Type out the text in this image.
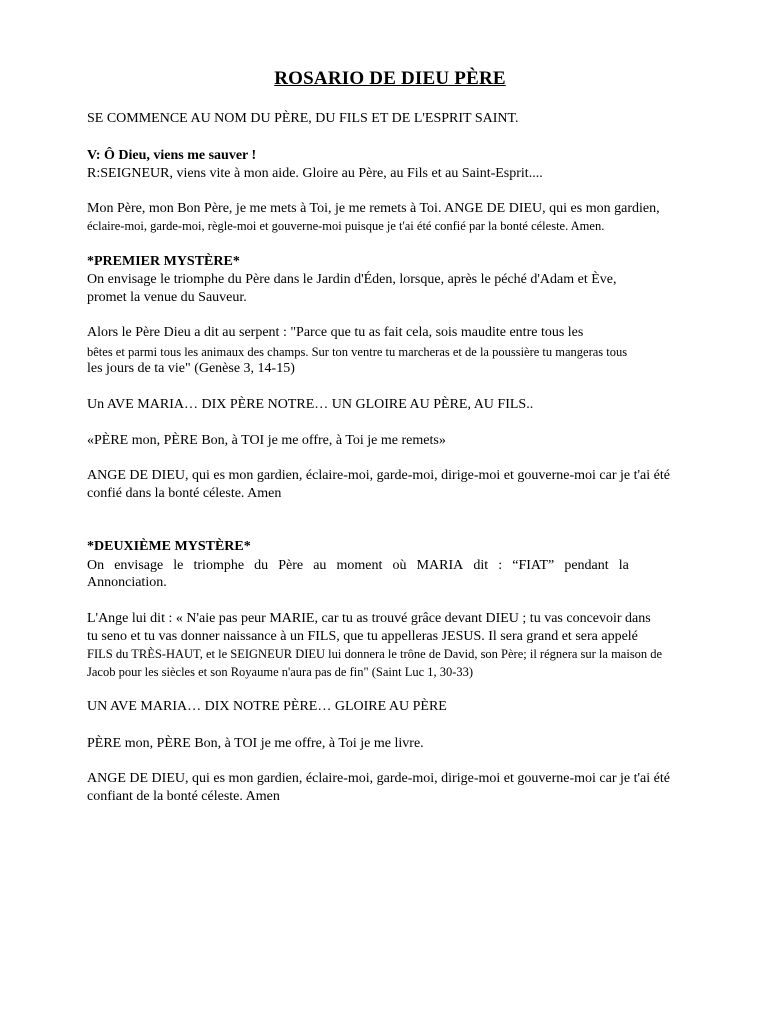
ROSARIO DE DIEU PÈRE
SE COMMENCE AU NOM DU PÈRE, DU FILS ET DE L'ESPRIT SAINT.
V: Ô Dieu, viens me sauver !
R:SEIGNEUR, viens vite à mon aide. Gloire au Père, au Fils et au Saint-Esprit....
Mon Père, mon Bon Père, je me mets à Toi, je me remets à Toi. ANGE DE DIEU, qui es mon gardien,
éclaire-moi, garde-moi, règle-moi et gouverne-moi puisque je t'ai été confié par la bonté céleste. Amen.
*PREMIER MYSTÈRE*
On envisage le triomphe du Père dans le Jardin d'Éden, lorsque, après le péché d'Adam et Ève,
promet la venue du Sauveur.
Alors le Père Dieu a dit au serpent : "Parce que tu as fait cela, sois maudite entre tous les
bêtes et parmi tous les animaux des champs. Sur ton ventre tu marcheras et de la poussière tu mangeras tous
les jours de ta vie" (Genèse 3, 14-15)
Un AVE MARIA… DIX PÈRE NOTRE… UN GLOIRE AU PÈRE, AU FILS..
«PÈRE mon, PÈRE Bon, à TOI je me offre, à Toi je me remets»
ANGE DE DIEU, qui es mon gardien, éclaire-moi, garde-moi, dirige-moi et gouverne-moi car je t'ai été
confié dans la bonté céleste. Amen
*DEUXIÈME MYSTÈRE*
On envisage le triomphe du Père au moment où MARIA dit : “FIAT” pendant la
Annonciation.
L'Ange lui dit : « N'aie pas peur MARIE, car tu as trouvé grâce devant DIEU ; tu vas concevoir dans
tu seno et tu vas donner naissance à un FILS, que tu appelleras JESUS. Il sera grand et sera appelé
FILS du TRÈS-HAUT, et le SEIGNEUR DIEU lui donnera le trône de David, son Père; il régnera sur la maison de
Jacob pour les siècles et son Royaume n'aura pas de fin" (Saint Luc 1, 30-33)
UN AVE MARIA… DIX NOTRE PÈRE… GLOIRE AU PÈRE
PÈRE mon, PÈRE Bon, à TOI je me offre, à Toi je me livre.
ANGE DE DIEU, qui es mon gardien, éclaire-moi, garde-moi, dirige-moi et gouverne-moi car je t'ai été
confiant de la bonté céleste. Amen
